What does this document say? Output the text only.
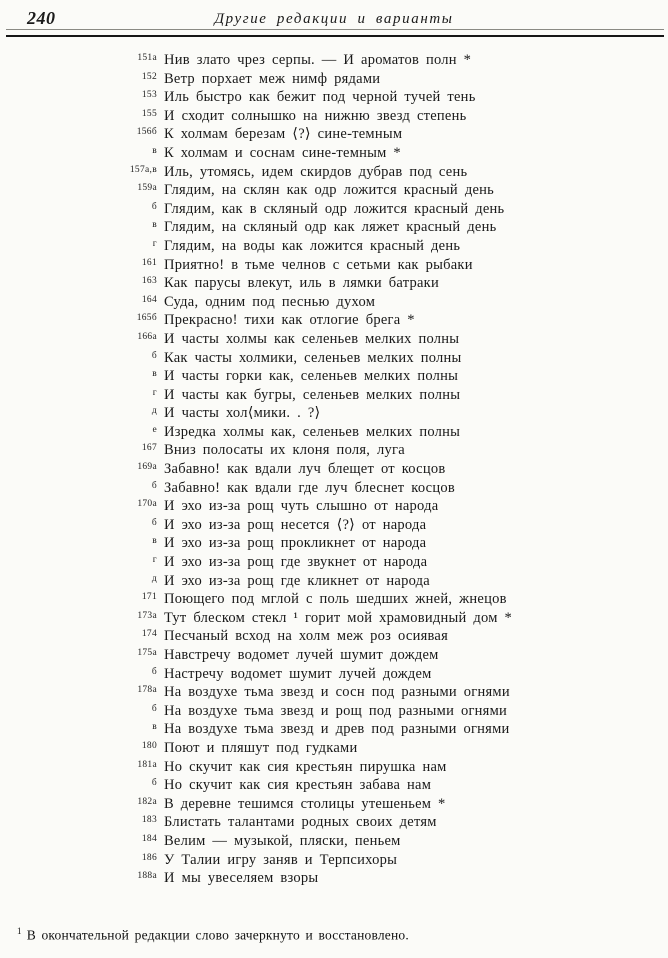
240	Другие редакции и варианты
151а Нив злато чрез серпы. — И ароматов полн *
152 Ветр порхает меж нимф рядами
153 Иль быстро как бежит под черной тучей тень
155 И сходит солнышко на нижню звезд степень
156б К холмам березам ⟨?⟩ сине-темным
в К холмам и соснам сине-темным *
157а,в Иль, утомясь, идем скирдов дубрав под сень
159а Глядим, на склян как одр ложится красный день
б Глядим, как в скляный одр ложится красный день
в Глядим, на скляный одр как ляжет красный день
г Глядим, на воды как ложится красный день
161 Приятно! в тьме челнов с сетьми как рыбаки
163 Как парусы влекут, иль в лямки батраки
164 Суда, одним под песнью духом
165б Прекрасно! тихи как отлогие брега *
166а И часты холмы как селеньев мелких полны
б Как часты холмики, селеньев мелких полны
в И часты горки как, селеньев мелких полны
г И часты как бугры, селеньев мелких полны
д И часты хол⟨мики. . ?⟩
е Изредка холмы как, селеньев мелких полны
167 Вниз полосаты их клоня поля, луга
169а Забавно! как вдали луч блещет от косцов
б Забавно! как вдали где луч блеснет косцов
170а И эхо из-за рощ чуть слышно от народа
б И эхо из-за рощ несется ⟨?⟩ от народа
в И эхо из-за рощ прокликнет от народа
г И эхо из-за рощ где звукнет от народа
д И эхо из-за рощ где кликнет от народа
171 Поющего под мглой с поль шедших жней, жнецов
173а Тут блеском стекл ¹ горит мой храмовидный дом *
174 Песчаный всход на холм меж роз осиявая
175а Навстречу водомет лучей шумит дождем
б Настречу водомет шумит лучей дождем
178а На воздухе тьма звезд и сосн под разными огнями
б На воздухе тьма звезд и рощ под разными огнями
в На воздухе тьма звезд и древ под разными огнями
180 Поют и пляшут под гудками
181а Но скучит как сия крестьян пирушка нам
б Но скучит как сия крестьян забава нам
182а В деревне тешимся столицы утешеньем *
183 Блистать талантами родных своих детям
184 Велим — музыкой, пляски, пеньем
186 У Талии игру заняв и Терпсихоры
188а И мы увеселяем взоры
$^1$ В окончательной редакции слово зачеркнуто и восстановлено.
